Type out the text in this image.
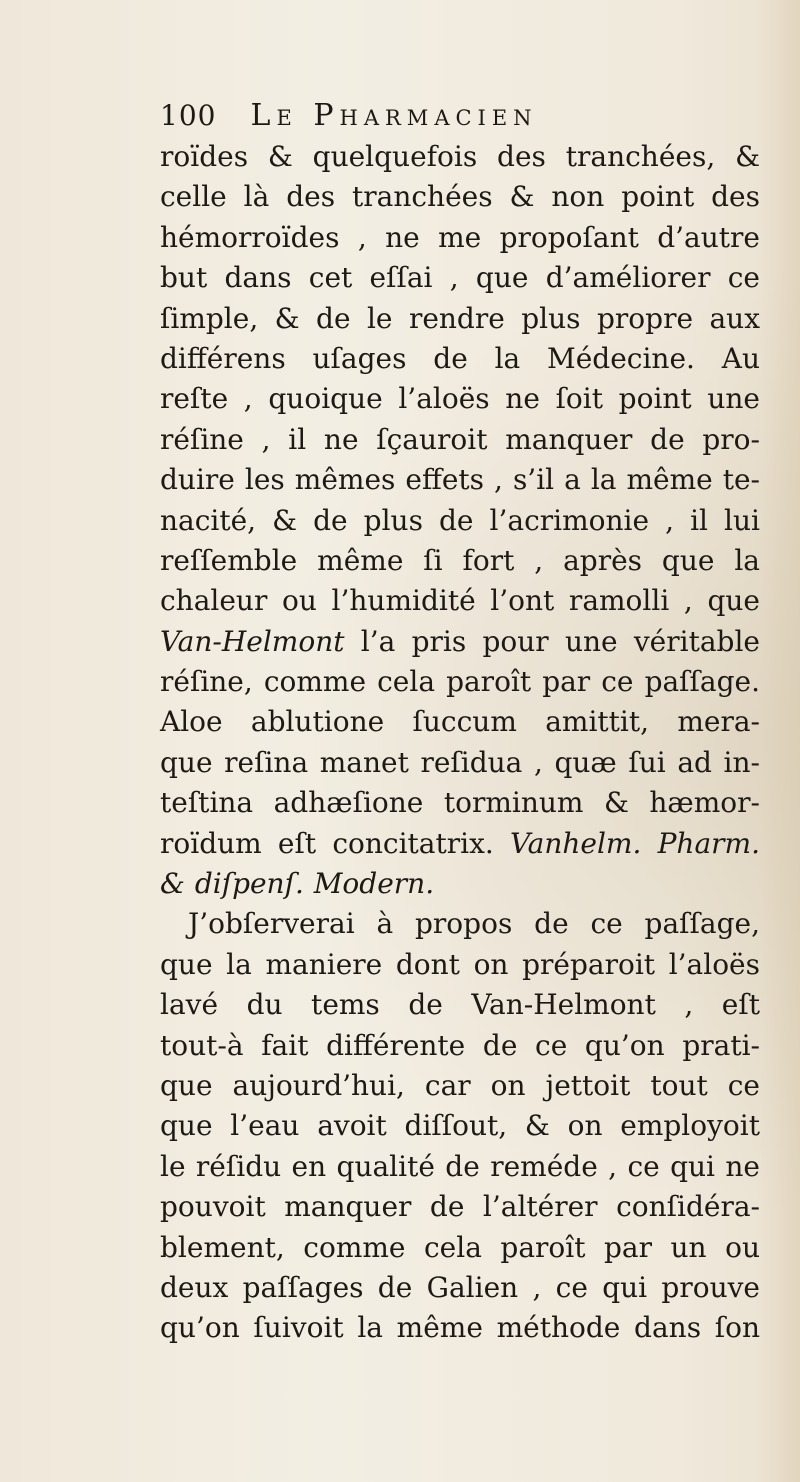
100 Le Pharmacien
roïdes & quelquefois des tranchées, &
celle là des tranchées & non point des
hémorroïdes , ne me propoſant d’autre
but dans cet eſſai , que d’améliorer ce
ſimple, & de le rendre plus propre aux
différens uſages de la Médecine. Au
reſte , quoique l’aloës ne ſoit point une
réſine , il ne ſçauroit manquer de pro-
duire les mêmes effets , s’il a la même te-
nacité, & de plus de l’acrimonie , il lui
reſſemble même ſi fort , après que la
chaleur ou l’humidité l’ont ramolli , que
Van-Helmont l’a pris pour une véritable
réſine, comme cela paroît par ce paſſage.
Aloe ablutione ſuccum amittit, mera-
que reſina manet reſidua , quæ ſui ad in-
teſtina adhæſione torminum & hæmor-
roïdum eſt concitatrix. Vanhelm. Pharm.
& diſpenſ. Modern.
J’obſerverai à propos de ce paſſage,
que la maniere dont on préparoit l’aloës
lavé du tems de Van-Helmont , eſt
tout-à fait différente de ce qu’on prati-
que aujourd’hui, car on jettoit tout ce
que l’eau avoit diſſout, & on employoit
le réſidu en qualité de reméde , ce qui ne
pouvoit manquer de l’altérer conſidéra-
blement, comme cela paroît par un ou
deux paſſages de Galien , ce qui prouve
qu’on ſuivoit la même méthode dans ſon
